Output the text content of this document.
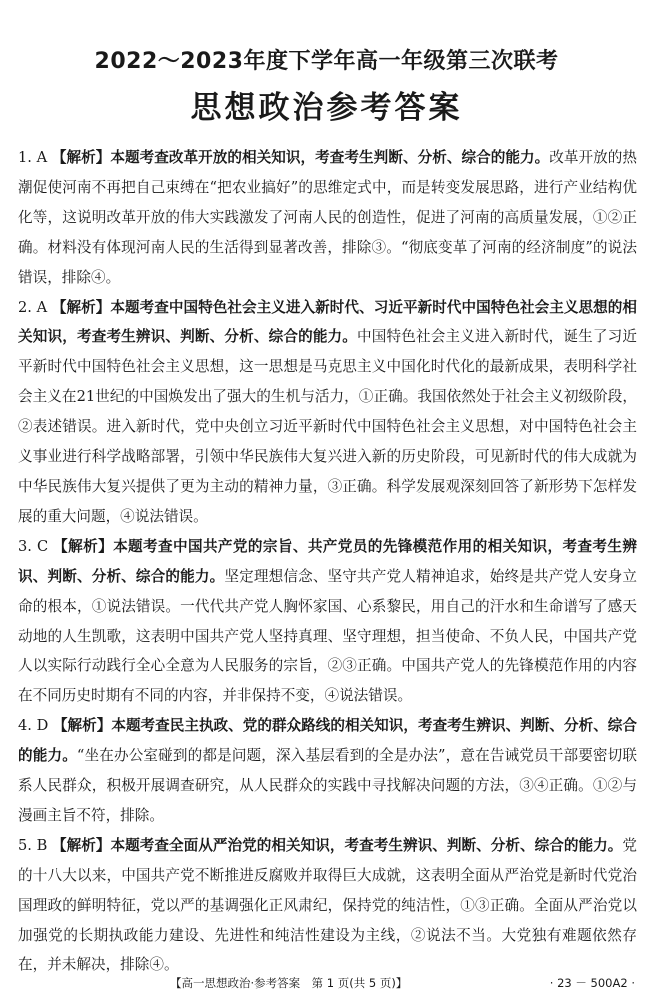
2022～2023年度下学年高一年级第三次联考
思想政治参考答案

1. A 【解析】本题考查改革开放的相关知识，考查考生判断、分析、综合的能力。改革开放的热潮促使河南不再把自己束缚在“把农业搞好”的思维定式中，而是转变发展思路，进行产业结构优化等，这说明改革开放的伟大实践激发了河南人民的创造性，促进了河南的高质量发展，①②正确。材料没有体现河南人民的生活得到显著改善，排除③。“彻底变革了河南的经济制度”的说法错误，排除④。

2. A 【解析】本题考查中国特色社会主义进入新时代、习近平新时代中国特色社会主义思想的相关知识，考查考生辨识、判断、分析、综合的能力。中国特色社会主义进入新时代，诞生了习近平新时代中国特色社会主义思想，这一思想是马克思主义中国化时代化的最新成果，表明科学社会主义在21世纪的中国焕发出了强大的生机与活力，①正确。我国依然处于社会主义初级阶段，②表述错误。进入新时代，党中央创立习近平新时代中国特色社会主义思想，对中国特色社会主义事业进行科学战略部署，引领中华民族伟大复兴进入新的历史阶段，可见新时代的伟大成就为中华民族伟大复兴提供了更为主动的精神力量，③正确。科学发展观深刻回答了新形势下怎样发展的重大问题，④说法错误。

3. C 【解析】本题考查中国共产党的宗旨、共产党员的先锋模范作用的相关知识，考查考生辨识、判断、分析、综合的能力。坚定理想信念、坚守共产党人精神追求，始终是共产党人安身立命的根本，①说法错误。一代代共产党人胸怀家国、心系黎民，用自己的汗水和生命谱写了感天动地的人生凯歌，这表明中国共产党人坚持真理、坚守理想，担当使命、不负人民，中国共产党人以实际行动践行全心全意为人民服务的宗旨，②③正确。中国共产党人的先锋模范作用的内容在不同历史时期有不同的内容，并非保持不变，④说法错误。

4. D 【解析】本题考查民主执政、党的群众路线的相关知识，考查考生辨识、判断、分析、综合的能力。“坐在办公室碰到的都是问题，深入基层看到的全是办法”，意在告诫党员干部要密切联系人民群众，积极开展调查研究，从人民群众的实践中寻找解决问题的方法，③④正确。①②与漫画主旨不符，排除。

5. B 【解析】本题考查全面从严治党的相关知识，考查考生辨识、判断、分析、综合的能力。党的十八大以来，中国共产党不断推进反腐败并取得巨大成就，这表明全面从严治党是新时代党治国理政的鲜明特征，党以严的基调强化正风肃纪，保持党的纯洁性，①③正确。全面从严治党以加强党的长期执政能力建设、先进性和纯洁性建设为主线，②说法不当。大党独有难题依然存在，并未解决，排除④。

【高一思想政治·参考答案　第 1 页(共 5 页)】	· 23 － 500A2 ·
